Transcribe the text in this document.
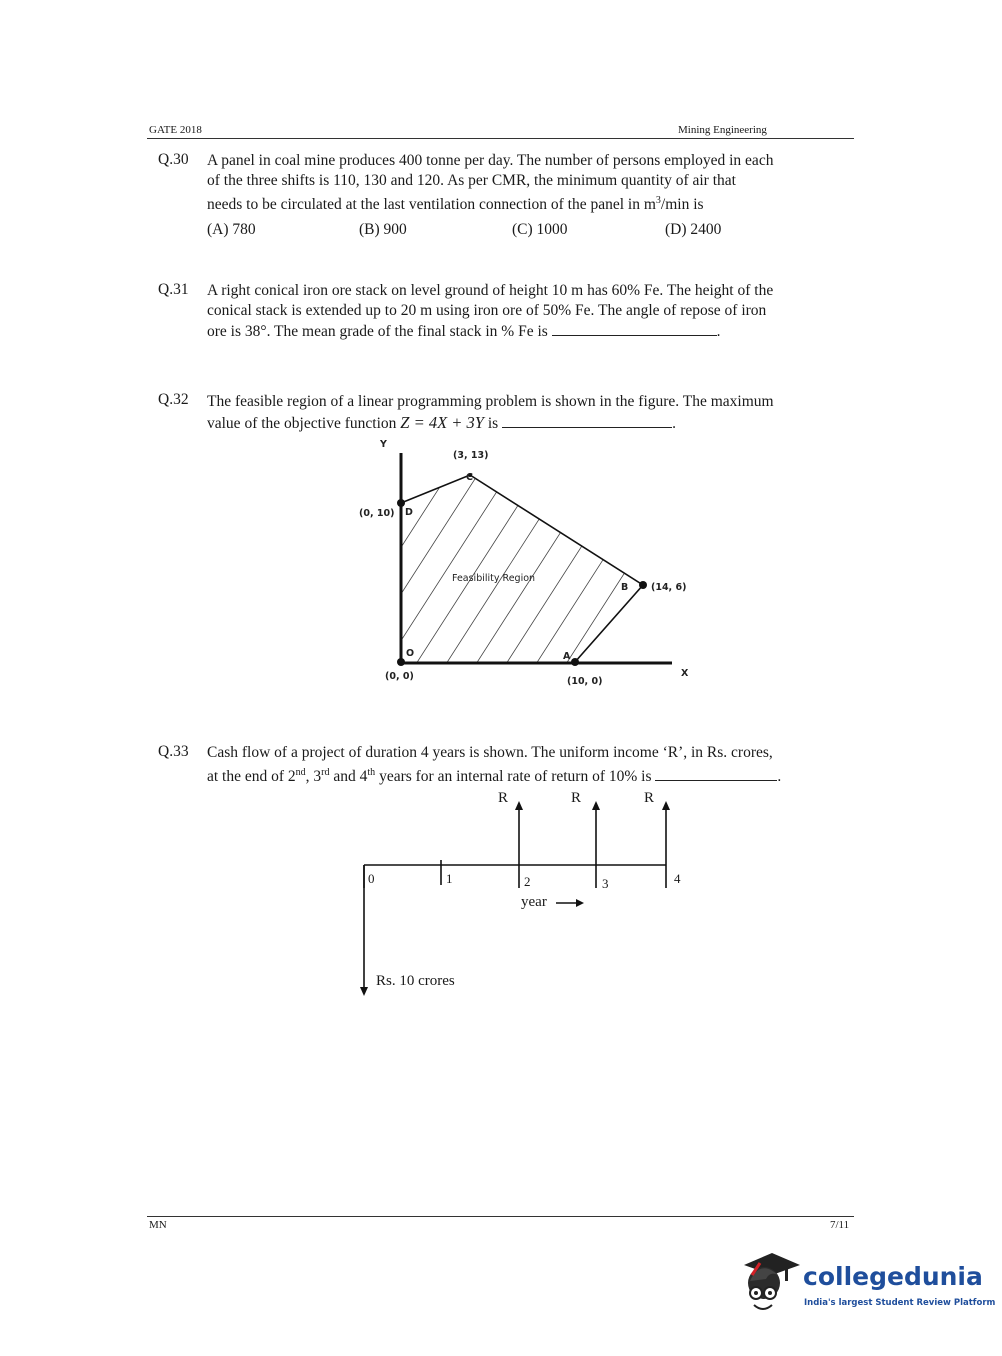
GATE 2018	Mining Engineering
Q.30 A panel in coal mine produces 400 tonne per day. The number of persons employed in each
of the three shifts is 110, 130 and 120. As per CMR, the minimum quantity of air that
needs to be circulated at the last ventilation connection of the panel in $m^3/\min$ is
(A) 780	(B) 900	(C) 1000	(D) 2400
Q.31 A right conical iron ore stack on level ground of height 10 m has 60% Fe. The height of the
conical stack is extended up to 20 m using iron ore of 50% Fe. The angle of repose of iron
ore is 38°. The mean grade of the final stack in % Fe is	.
Q.32 The feasible region of a linear programming problem is shown in the figure. The maximum
value of the objective function Z = 4X + 3Y is	.
Y
(3, 13)
C
(0, 10) D
Feasibility Region
B (14, 6)
O	A
(0, 0)	(10, 0)
X
Q.33 Cash flow of a project of duration 4 years is shown. The uniform income ‘R’, in Rs. crores,
at the end of 2nd, 3rd and 4th years for an internal rate of return of 10% is	.
R	R	R
0	1	2	3	4
year
Rs. 10 crores
MN	7/11
collegedunia
India's largest Student Review Platform
